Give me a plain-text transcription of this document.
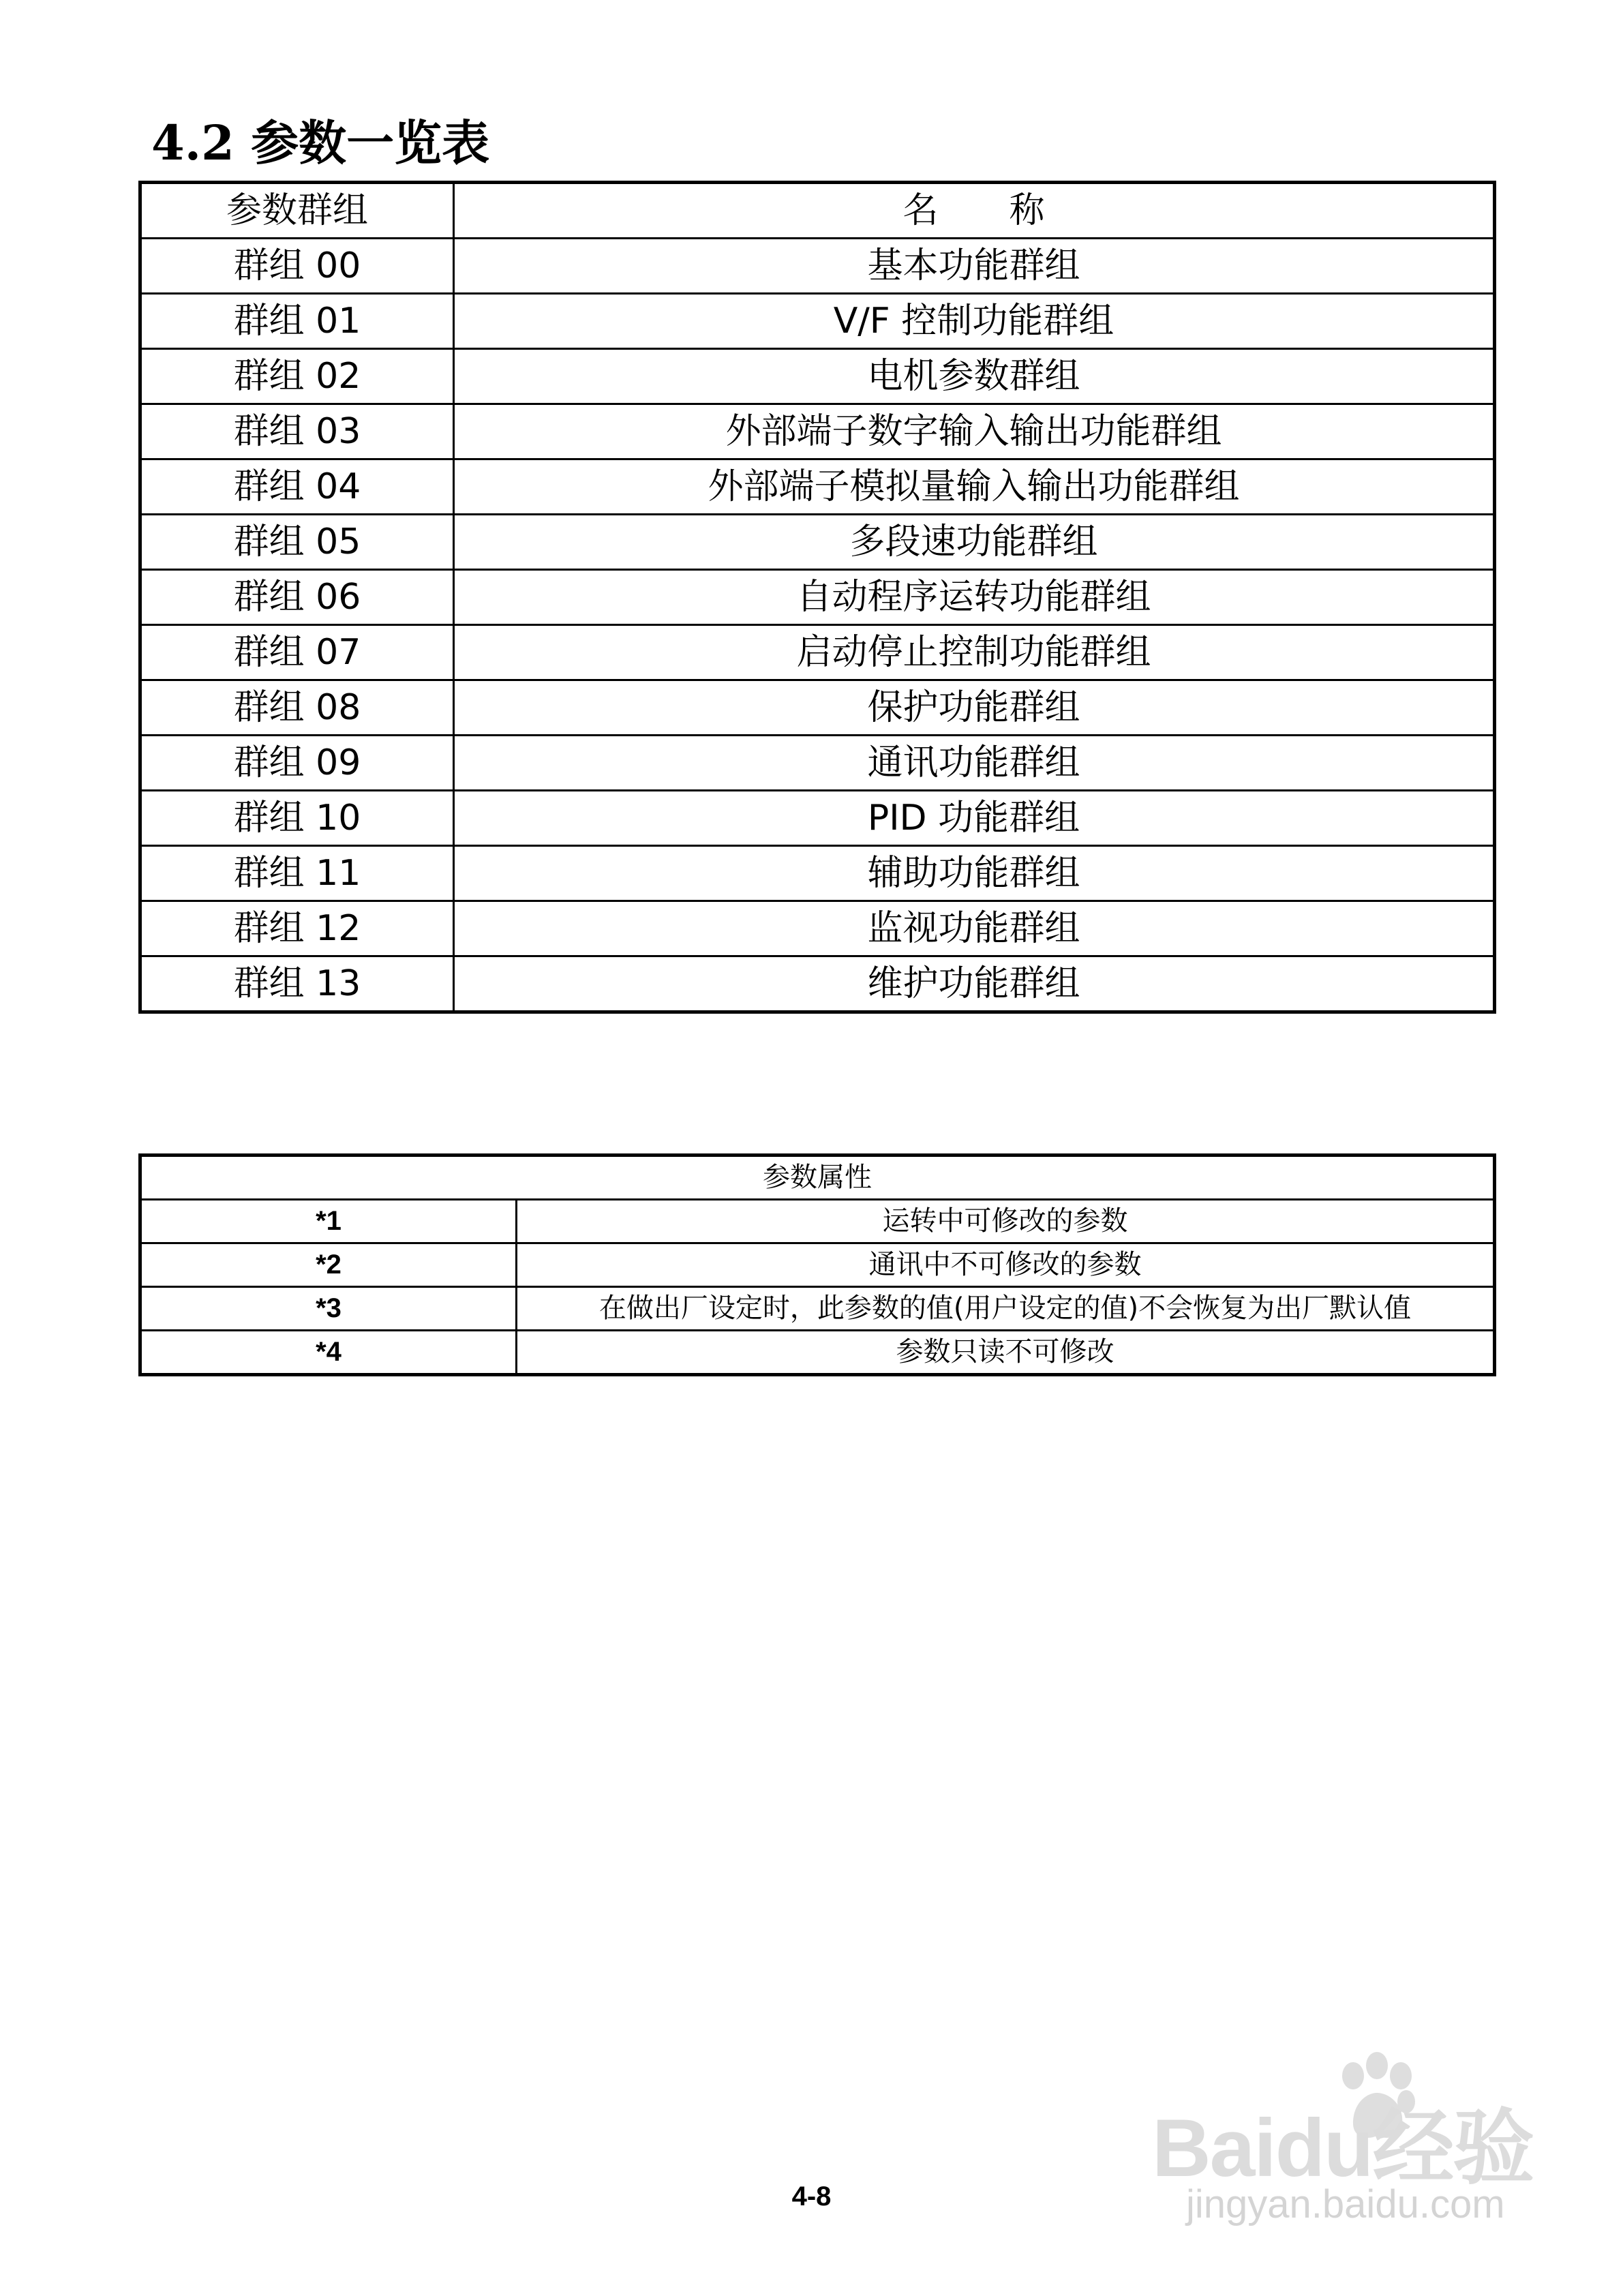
4.2 参数一览表
参数群组	名　　称
群组 00	基本功能群组
群组 01	V/F 控制功能群组
群组 02	电机参数群组
群组 03	外部端子数字输入输出功能群组
群组 04	外部端子模拟量输入输出功能群组
群组 05	多段速功能群组
群组 06	自动程序运转功能群组
群组 07	启动停止控制功能群组
群组 08	保护功能群组
群组 09	通讯功能群组
群组 10	PID 功能群组
群组 11	辅助功能群组
群组 12	监视功能群组
群组 13	维护功能群组
参数属性	
*1	运转中可修改的参数
*2	通讯中不可修改的参数
*3	在做出厂设定时，此参数的值(用户设定的值)不会恢复为出厂默认值
*4	参数只读不可修改
Baidu经验
jingyan.baidu.com
4-8
